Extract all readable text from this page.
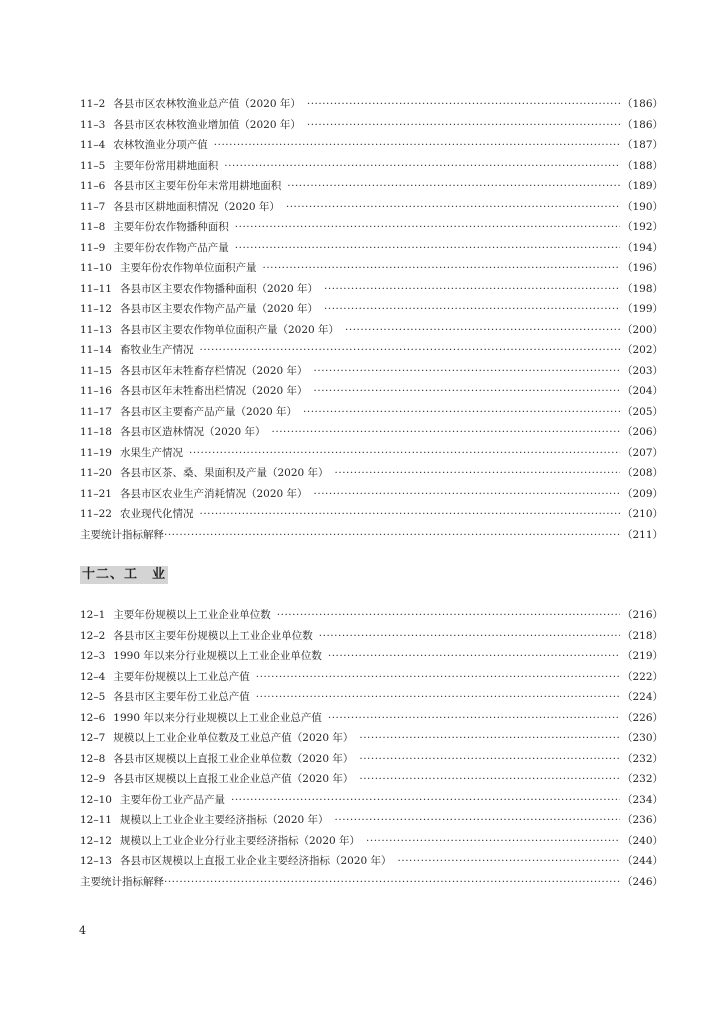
11–2 各县市区农林牧渔业总产值（2020 年） ·····	（186）
11–3 各县市区农林牧渔业增加值（2020 年） ·····	（186）
11–4 农林牧渔业分项产值 ·····	（187）
11–5 主要年份常用耕地面积 ·····	（188）
11–6 各县市区主要年份年末常用耕地面积 ·····	（189）
11–7 各县市区耕地面积情况（2020 年） ·····	（190）
11–8 主要年份农作物播种面积 ·····	（192）
11–9 主要年份农作物产品产量 ·····	（194）
11–10 主要年份农作物单位面积产量 ·····	（196）
11–11 各县市区主要农作物播种面积（2020 年） ·····	（198）
11–12 各县市区主要农作物产品产量（2020 年） ·····	（199）
11–13 各县市区主要农作物单位面积产量（2020 年） ·····	（200）
11–14 畜牧业生产情况 ·····	（202）
11–15 各县市区年末牲畜存栏情况（2020 年） ·····	（203）
11–16 各县市区年末牲畜出栏情况（2020 年） ·····	（204）
11–17 各县市区主要畜产品产量（2020 年） ·····	（205）
11–18 各县市区造林情况（2020 年） ·····	（206）
11–19 水果生产情况 ·····	（207）
11–20 各县市区茶、桑、果面积及产量（2020 年） ·····	（208）
11–21 各县市区农业生产消耗情况（2020 年） ·····	（209）
11–22 农业现代化情况 ·····	（210）
主要统计指标解释 ·····	（211）
十二、工　业
12–1 主要年份规模以上工业企业单位数 ·····	（216）
12–2 各县市区主要年份规模以上工业企业单位数 ·····	（218）
12–3 1990 年以来分行业规模以上工业企业单位数 ·····	（219）
12–4 主要年份规模以上工业总产值 ·····	（222）
12–5 各县市区主要年份工业总产值 ·····	（224）
12–6 1990 年以来分行业规模以上工业企业总产值 ·····	（226）
12–7 规模以上工业企业单位数及工业总产值（2020 年） ·····	（230）
12–8 各县市区规模以上直报工业企业单位数（2020 年） ·····	（232）
12–9 各县市区规模以上直报工业企业总产值（2020 年） ·····	（232）
12–10 主要年份工业产品产量 ·····	（234）
12–11 规模以上工业企业主要经济指标（2020 年） ·····	（236）
12–12 规模以上工业企业分行业主要经济指标（2020 年） ·····	（240）
12–13 各县市区规模以上直报工业企业主要经济指标（2020 年） ·····	（244）
主要统计指标解释 ·····	（246）
4
